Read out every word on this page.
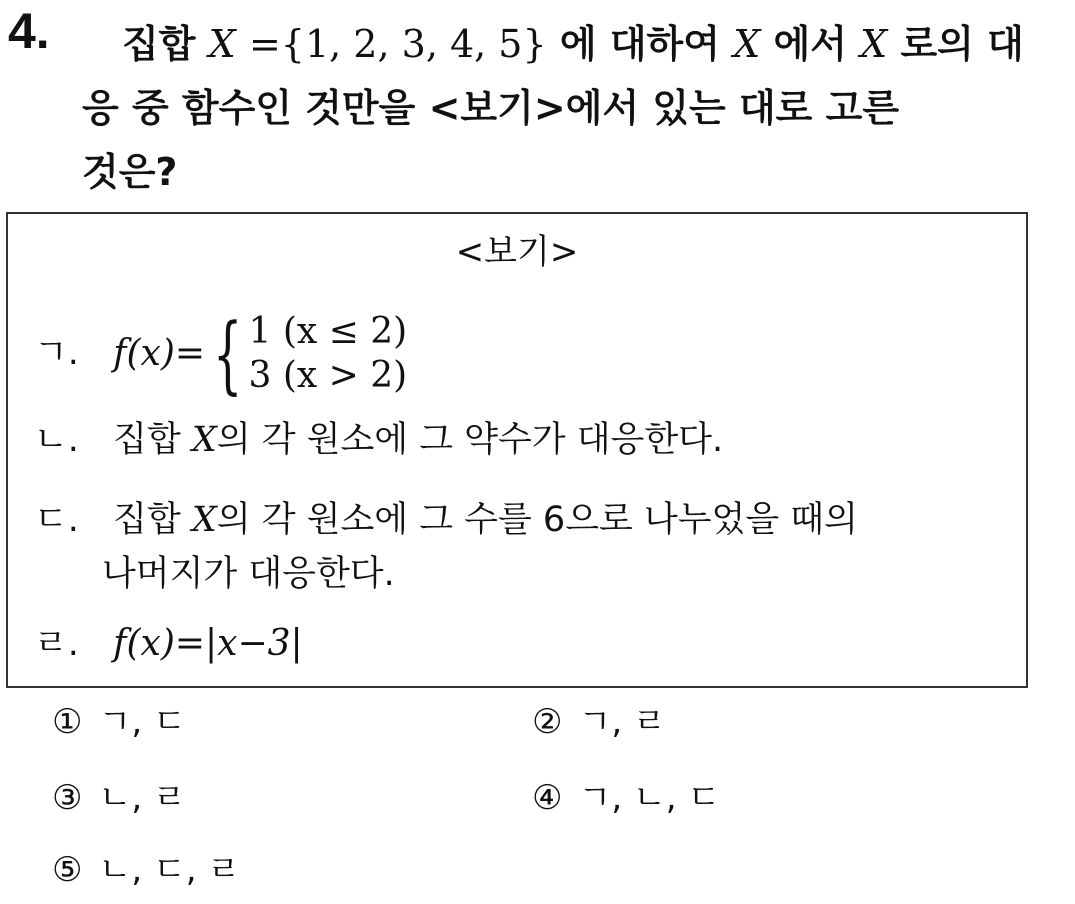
4.	집합 X ={1, 2, 3, 4, 5} 에 대하여 X 에서 X 로의 대
응 중 함수인 것만을 <보기>에서 있는 대로 고른
것은?
<보기>
ㄱ. f(x)= { 1 (x ≤ 2)
3 (x > 2)
ㄴ. 집합 X의 각 원소에 그 약수가 대응한다.
ㄷ. 집합 X의 각 원소에 그 수를 6으로 나누었을 때의
나머지가 대응한다.
ㄹ. f(x)=|x−3|
① ㄱ, ㄷ	② ㄱ, ㄹ
③ ㄴ, ㄹ	④ ㄱ, ㄴ, ㄷ
⑤ ㄴ, ㄷ, ㄹ
